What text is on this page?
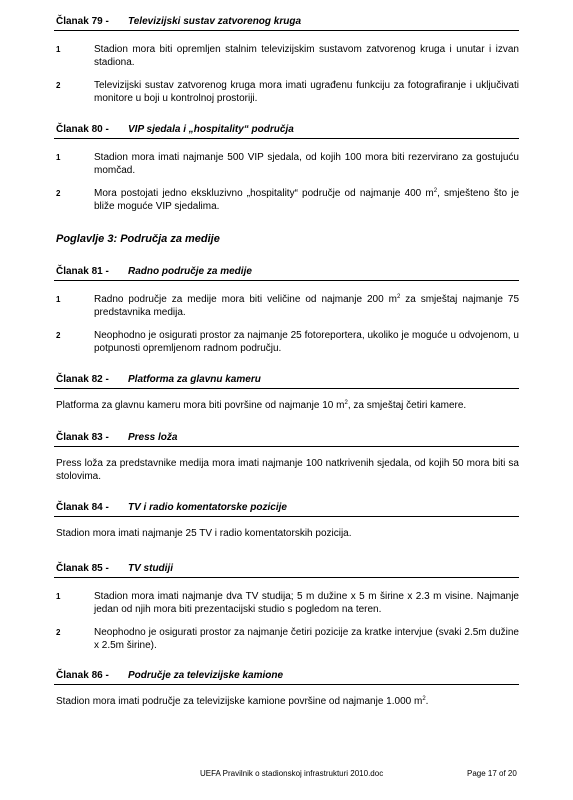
Članak 79 - Televizijski sustav zatvorenog kruga
1	Stadion mora biti opremljen stalnim televizijskim sustavom zatvorenog kruga i unutar i izvan stadiona.
2	Televizijski sustav zatvorenog kruga mora imati ugrađenu funkciju za fotografiranje i uključivati monitore u boji u kontrolnoj prostoriji.
Članak 80 - VIP sjedala i „hospitality“ područja
1	Stadion mora imati najmanje 500 VIP sjedala, od kojih 100 mora biti rezervirano za gostujuću momčad.
2	Mora postojati jedno ekskluzivno „hospitality“ područje od najmanje 400 $m^2$, smješteno što je bliže moguće VIP sjedalima.
Poglavlje 3: Područja za medije
Članak 81 - Radno područje za medije
1	Radno područje za medije mora biti veličine od najmanje 200 $m^2$ za smještaj najmanje 75 predstavnika medija.
2	Neophodno je osigurati prostor za najmanje 25 fotoreportera, ukoliko je moguće u odvojenom, u potpunosti opremljenom radnom području.
Članak 82 - Platforma za glavnu kameru
Platforma za glavnu kameru mora biti površine od najmanje 10 $m^2$, za smještaj četiri kamere.
Članak 83 - Press loža
Press loža za predstavnike medija mora imati najmanje 100 natkrivenih sjedala, od kojih 50 mora biti sa stolovima.
Članak 84 - TV i radio komentatorske pozicije
Stadion mora imati najmanje 25 TV i radio komentatorskih pozicija.
Članak 85 - TV studiji
1	Stadion mora imati najmanje dva TV studija; 5 m dužine x 5 m širine x 2.3 m visine. Najmanje jedan od njih mora biti prezentacijski studio s pogledom na teren.
2	Neophodno je osigurati prostor za najmanje četiri pozicije za kratke intervjue (svaki 2.5m dužine x 2.5m širine).
Članak 86 - Područje za televizijske kamione
Stadion mora imati područje za televizijske kamione površine od najmanje 1.000 $m^2$.
UEFA Pravilnik o stadionskoj infrastrukturi 2010.doc	Page 17 of 20
